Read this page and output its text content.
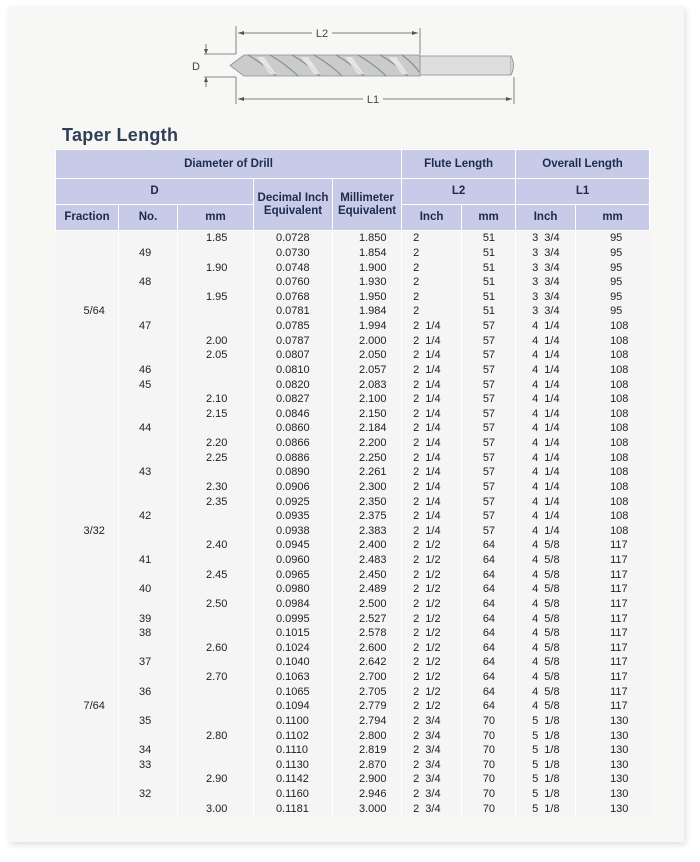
L2
D
L1
Taper Length
Diameter of Drill					Flute Length		Overall Length	
D			Decimal Inch Equivalent	Millimeter Equivalent	L2		L1	
Fraction	No.	mm			Inch	mm	Inch	mm
		1.85	0.0728	1.850	2	51	3  3/4	95
	49		0.0730	1.854	2	51	3  3/4	95
		1.90	0.0748	1.900	2	51	3  3/4	95
	48		0.0760	1.930	2	51	3  3/4	95
		1.95	0.0768	1.950	2	51	3  3/4	95
5/64			0.0781	1.984	2	51	3  3/4	95
	47		0.0785	1.994	2  1/4	57	4  1/4	108
		2.00	0.0787	2.000	2  1/4	57	4  1/4	108
		2.05	0.0807	2.050	2  1/4	57	4  1/4	108
	46		0.0810	2.057	2  1/4	57	4  1/4	108
	45		0.0820	2.083	2  1/4	57	4  1/4	108
		2.10	0.0827	2.100	2  1/4	57	4  1/4	108
		2.15	0.0846	2.150	2  1/4	57	4  1/4	108
	44		0.0860	2.184	2  1/4	57	4  1/4	108
		2.20	0.0866	2.200	2  1/4	57	4  1/4	108
		2.25	0.0886	2.250	2  1/4	57	4  1/4	108
	43		0.0890	2.261	2  1/4	57	4  1/4	108
		2.30	0.0906	2.300	2  1/4	57	4  1/4	108
		2.35	0.0925	2.350	2  1/4	57	4  1/4	108
	42		0.0935	2.375	2  1/4	57	4  1/4	108
3/32			0.0938	2.383	2  1/4	57	4  1/4	108
		2.40	0.0945	2.400	2  1/2	64	4  5/8	117
	41		0.0960	2.483	2  1/2	64	4  5/8	117
		2.45	0.0965	2.450	2  1/2	64	4  5/8	117
	40		0.0980	2.489	2  1/2	64	4  5/8	117
		2.50	0.0984	2.500	2  1/2	64	4  5/8	117
	39		0.0995	2.527	2  1/2	64	4  5/8	117
	38		0.1015	2.578	2  1/2	64	4  5/8	117
		2.60	0.1024	2.600	2  1/2	64	4  5/8	117
	37		0.1040	2.642	2  1/2	64	4  5/8	117
		2.70	0.1063	2.700	2  1/2	64	4  5/8	117
	36		0.1065	2.705	2  1/2	64	4  5/8	117
7/64			0.1094	2.779	2  1/2	64	4  5/8	117
	35		0.1100	2.794	2  3/4	70	5  1/8	130
		2.80	0.1102	2.800	2  3/4	70	5  1/8	130
	34		0.1110	2.819	2  3/4	70	5  1/8	130
	33		0.1130	2.870	2  3/4	70	5  1/8	130
		2.90	0.1142	2.900	2  3/4	70	5  1/8	130
	32		0.1160	2.946	2  3/4	70	5  1/8	130
		3.00	0.1181	3.000	2  3/4	70	5  1/8	130
